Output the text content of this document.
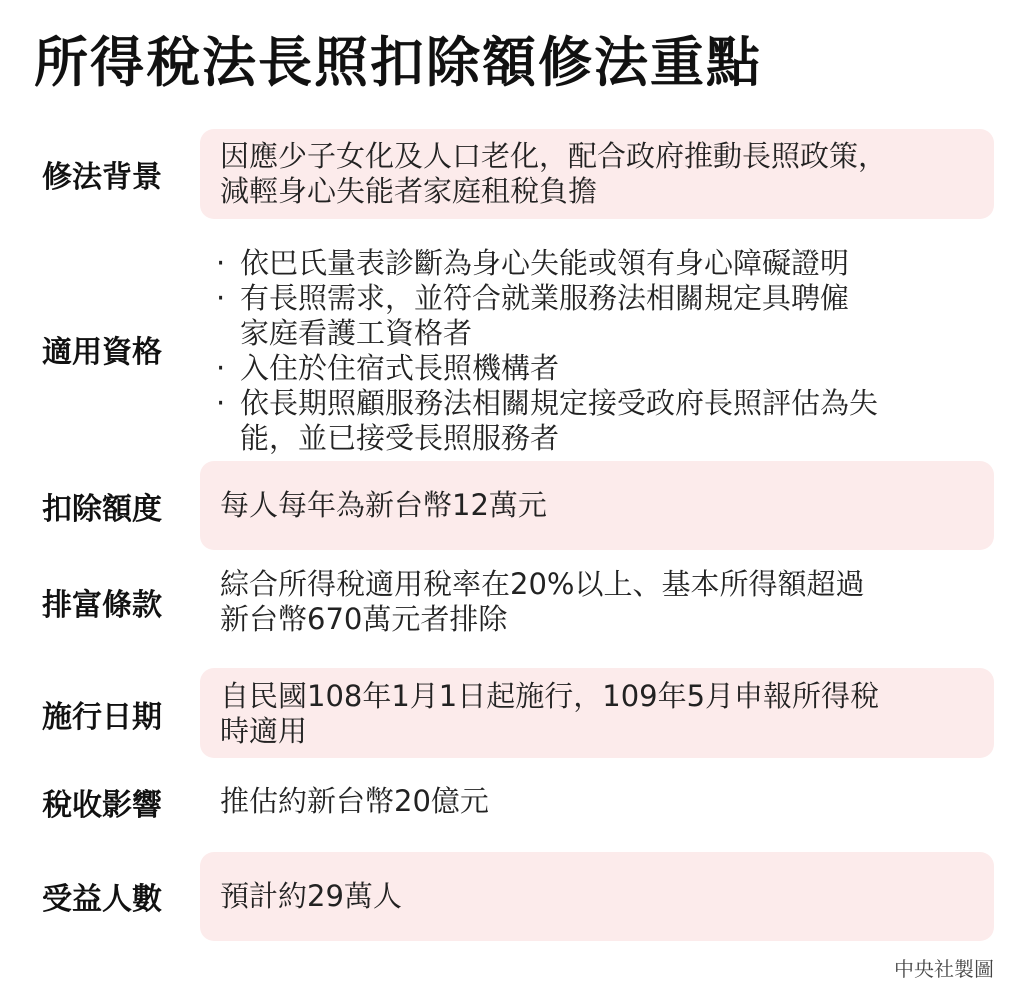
所得稅法長照扣除額修法重點
修法背景
因應少子女化及人口老化，配合政府推動長照政策，
減輕身心失能者家庭租稅負擔
適用資格
· 依巴氏量表診斷為身心失能或領有身心障礙證明
· 有長照需求，並符合就業服務法相關規定具聘僱
家庭看護工資格者
· 入住於住宿式長照機構者
· 依長期照顧服務法相關規定接受政府長照評估為失
能，並已接受長照服務者
扣除額度 每人每年為新台幣12萬元
排富條款
綜合所得稅適用稅率在20%以上、基本所得額超過
新台幣670萬元者排除
施行日期
自民國108年1月1日起施行，109年5月申報所得稅
時適用
稅收影響 推估約新台幣20億元
受益人數 預計約29萬人
中央社製圖
